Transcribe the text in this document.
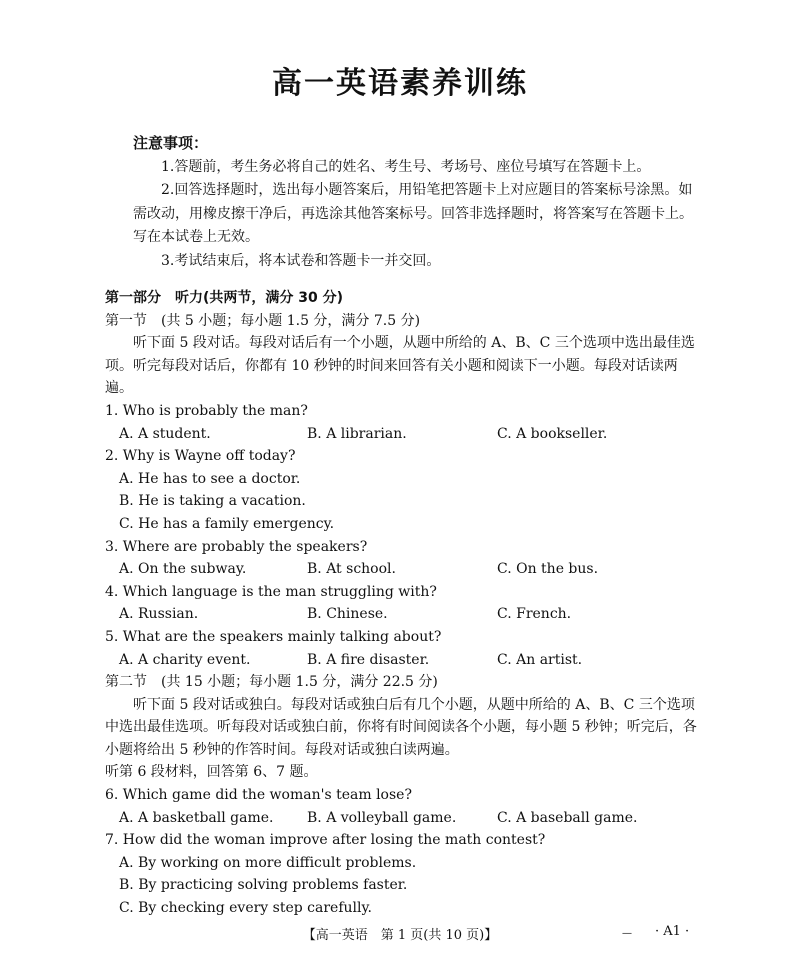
高一英语素养训练

注意事项：

1.答题前，考生务必将自己的姓名、考生号、考场号、座位号填写在答题卡上。

2.回答选择题时，选出每小题答案后，用铅笔把答题卡上对应题目的答案标号涂黑。如需改动，用橡皮擦干净后，再选涂其他答案标号。回答非选择题时，将答案写在答题卡上。写在本试卷上无效。

3.考试结束后，将本试卷和答题卡一并交回。

第一部分　听力(共两节，满分 30 分)
第一节　(共 5 小题；每小题 1.5 分，满分 7.5 分)

听下面 5 段对话。每段对话后有一个小题，从题中所给的 A、B、C 三个选项中选出最佳选项。听完每段对话后，你都有 10 秒钟的时间来回答有关小题和阅读下一小题。每段对话读两遍。

1. Who is probably the man?
A. A student.	B. A librarian.	C. A bookseller.
2. Why is Wayne off today?
A. He has to see a doctor.
B. He is taking a vacation.
C. He has a family emergency.
3. Where are probably the speakers?
A. On the subway.	B. At school.	C. On the bus.
4. Which language is the man struggling with?
A. Russian.	B. Chinese.	C. French.
5. What are the speakers mainly talking about?
A. A charity event.	B. A fire disaster.	C. An artist.
第二节　(共 15 小题；每小题 1.5 分，满分 22.5 分)

听下面 5 段对话或独白。每段对话或独白后有几个小题，从题中所给的 A、B、C 三个选项中选出最佳选项。听每段对话或独白前，你将有时间阅读各个小题，每小题 5 秒钟；听完后，各小题将给出 5 秒钟的作答时间。每段对话或独白读两遍。

听第 6 段材料，回答第 6、7 题。
6. Which game did the woman's team lose?
A. A basketball game. B. A volleyball game.	C. A baseball game.
7. How did the woman improve after losing the math contest?
A. By working on more difficult problems.
B. By practicing solving problems faster.
C. By checking every step carefully.
【高一英语　第 1 页(共 10 页)】	— · A1 ·
